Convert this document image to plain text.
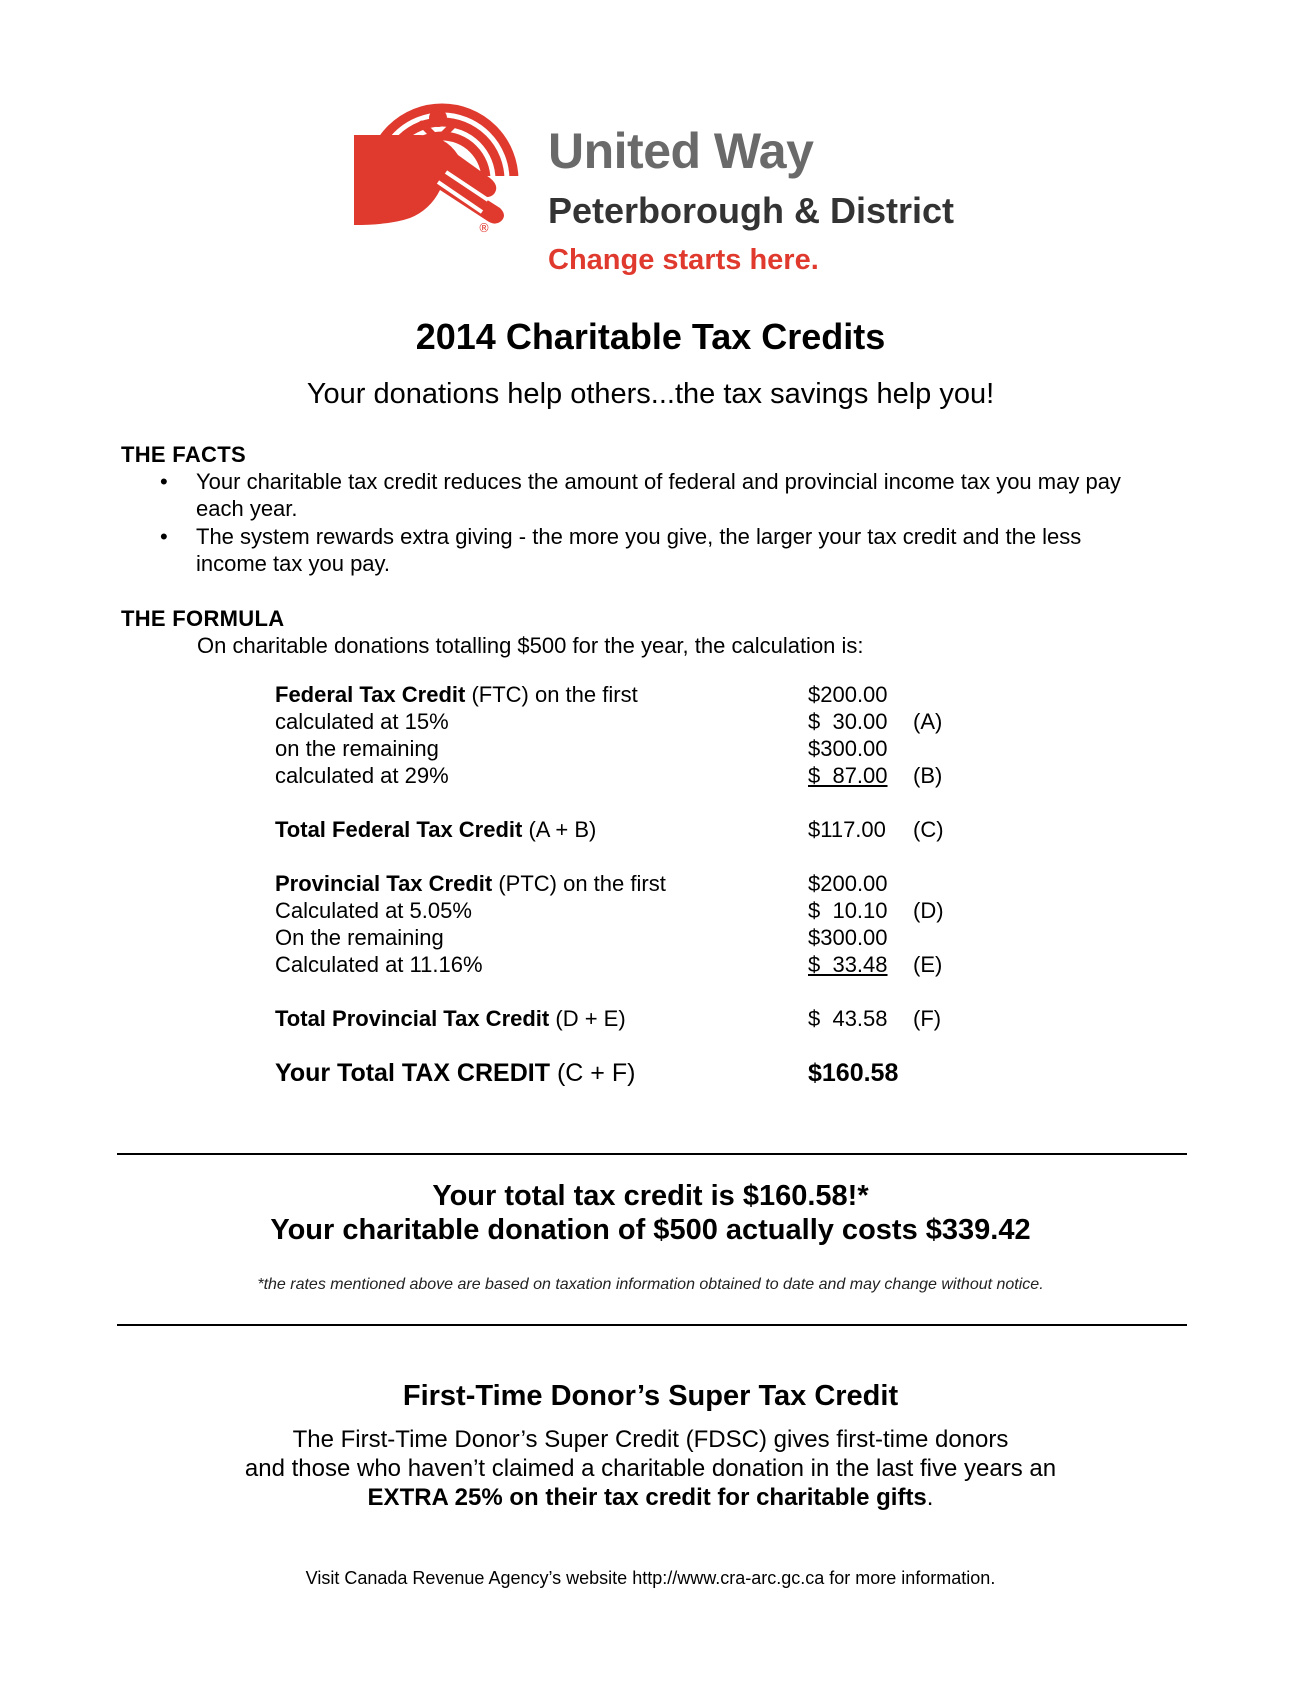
®
United Way
Peterborough & District
Change starts here.
2014 Charitable Tax Credits
Your donations help others...the tax savings help you!
THE FACTS
• Your charitable tax credit reduces the amount of federal and provincial income tax you may pay each year.
• The system rewards extra giving - the more you give, the larger your tax credit and the less income tax you pay.
THE FORMULA
On charitable donations totalling $500 for the year, the calculation is:
Federal Tax Credit (FTC) on the first	$200.00
calculated at 15%	$  30.00 (A)
on the remaining	$300.00
calculated at 29%	$  87.00 (B)
Total Federal Tax Credit (A + B)	$117.00 (C)
Provincial Tax Credit (PTC) on the first	$200.00
Calculated at 5.05%	$  10.10 (D)
On the remaining	$300.00
Calculated at 11.16%	$  33.48 (E)
Total Provincial Tax Credit (D + E)	$  43.58 (F)
Your Total TAX CREDIT (C + F)	$160.58
Your total tax credit is $160.58!*
Your charitable donation of $500 actually costs $339.42
*the rates mentioned above are based on taxation information obtained to date and may change without notice.
First-Time Donor’s Super Tax Credit
The First-Time Donor’s Super Credit (FDSC) gives first-time donors
and those who haven’t claimed a charitable donation in the last five years an
EXTRA 25% on their tax credit for charitable gifts.
Visit Canada Revenue Agency’s website http://www.cra-arc.gc.ca for more information.
